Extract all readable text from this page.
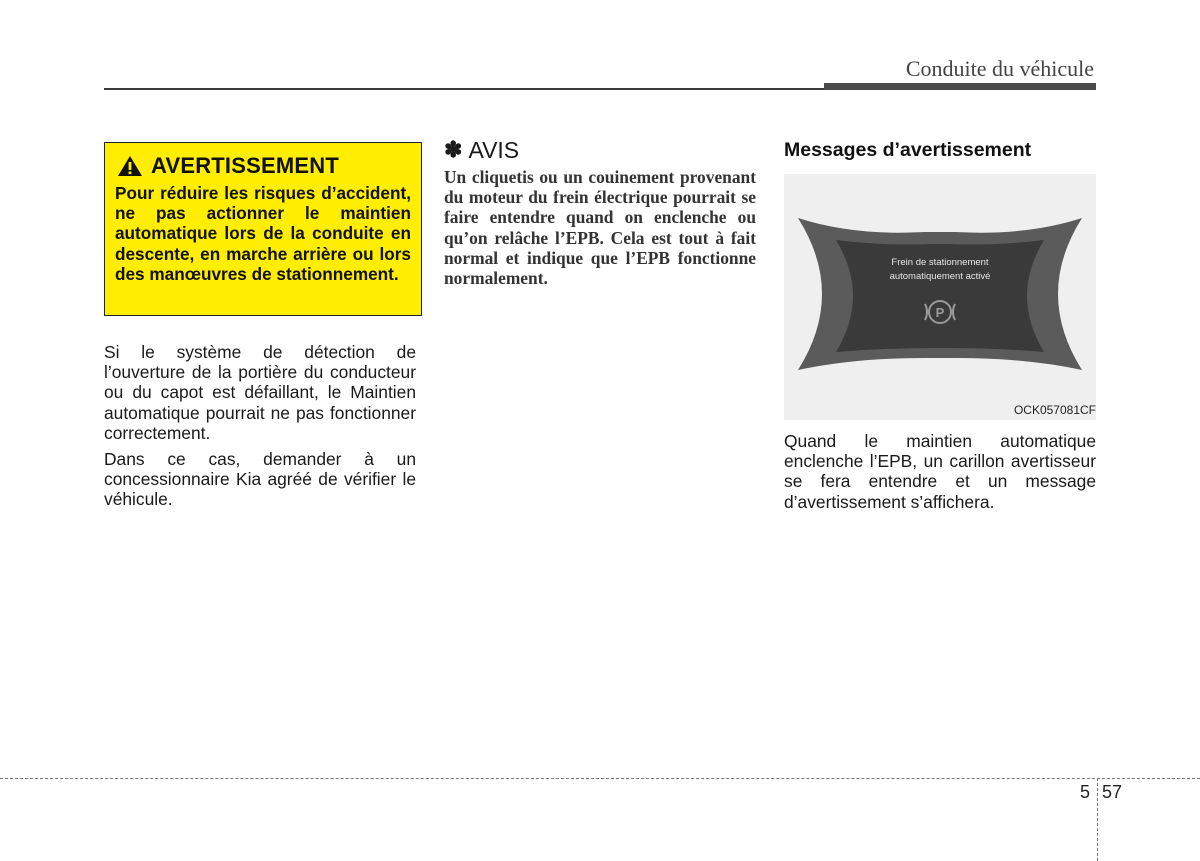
Conduite du véhicule
AVERTISSEMENT
Pour réduire les risques d’accident, ne pas actionner le maintien automatique lors de la conduite en descente, en marche arrière ou lors des manœuvres de stationnement.

Si le système de détection de l’ouverture de la portière du conducteur ou du capot est défaillant, le Maintien automatique pourrait ne pas fonctionner correctement.

Dans ce cas, demander à un concessionnaire Kia agréé de vérifier le véhicule.

✽ AVIS
Un cliquetis ou un couinement provenant du moteur du frein électrique pourrait se faire entendre quand on enclenche ou qu’on relâche l’EPB. Cela est tout à fait normal et indique que l’EPB fonctionne normalement.
Messages d’avertissement
Frein de stationnement
automatiquement activé
P
OCK057081CF
Quand le maintien automatique enclenche l’EPB, un carillon avertisseur se fera entendre et un message d’avertissement s’affichera.
5 57
